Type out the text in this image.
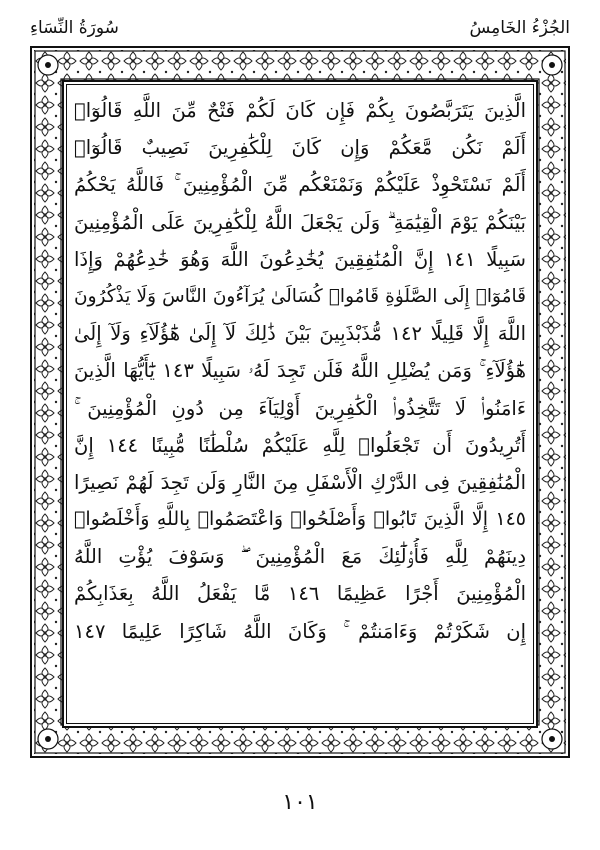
سُورَةُ النِّسَاءِ	الجُزْءُ الخَامِسُ
الَّذِينَ يَتَرَبَّصُونَ بِكُمْ فَإِن كَانَ لَكُمْ فَتْحٌ مِّنَ اللَّهِ قَالُوٓا۟
أَلَمْ نَكُن مَّعَكُمْ وَإِن كَانَ لِلْكَٰفِرِينَ نَصِيبٌ قَالُوٓا۟
أَلَمْ نَسْتَحْوِذْ عَلَيْكُمْ وَنَمْنَعْكُم مِّنَ الْمُؤْمِنِينَ ۚ فَاللَّهُ يَحْكُمُ
بَيْنَكُمْ يَوْمَ الْقِيَٰمَةِ ۗ وَلَن يَجْعَلَ اللَّهُ لِلْكَٰفِرِينَ عَلَى الْمُؤْمِنِينَ
سَبِيلًا ١٤١ إِنَّ الْمُنَٰفِقِينَ يُخَٰدِعُونَ اللَّهَ وَهُوَ خَٰدِعُهُمْ وَإِذَا
قَامُوٓا۟ إِلَى الصَّلَوٰةِ قَامُوا۟ كُسَالَىٰ يُرَآءُونَ النَّاسَ وَلَا يَذْكُرُونَ
اللَّهَ إِلَّا قَلِيلًا ١٤٢ مُّذَبْذَبِينَ بَيْنَ ذَٰلِكَ لَآ إِلَىٰ هَٰٓؤُلَآءِ وَلَآ إِلَىٰ
هَٰٓؤُلَآءِ ۚ وَمَن يُضْلِلِ اللَّهُ فَلَن تَجِدَ لَهُۥ سَبِيلًا ١٤٣ يَٰٓأَيُّهَا الَّذِينَ
ءَامَنُوا۟ لَا تَتَّخِذُوا۟ الْكَٰفِرِينَ أَوْلِيَآءَ مِن دُونِ الْمُؤْمِنِينَ ۚ
أَتُرِيدُونَ أَن تَجْعَلُوا۟ لِلَّهِ عَلَيْكُمْ سُلْطَٰنًا مُّبِينًا ١٤٤ إِنَّ
الْمُنَٰفِقِينَ فِى الدَّرْكِ الْأَسْفَلِ مِنَ النَّارِ وَلَن تَجِدَ لَهُمْ نَصِيرًا
١٤٥ إِلَّا الَّذِينَ تَابُوا۟ وَأَصْلَحُوا۟ وَاعْتَصَمُوا۟ بِاللَّهِ وَأَخْلَصُوا۟
دِينَهُمْ لِلَّهِ فَأُو۟لَٰٓئِكَ مَعَ الْمُؤْمِنِينَ ۖ وَسَوْفَ يُؤْتِ اللَّهُ
الْمُؤْمِنِينَ أَجْرًا عَظِيمًا ١٤٦ مَّا يَفْعَلُ اللَّهُ بِعَذَابِكُمْ
إِن شَكَرْتُمْ وَءَامَنتُمْ ۚ وَكَانَ اللَّهُ شَاكِرًا عَلِيمًا ١٤٧
١٠١
